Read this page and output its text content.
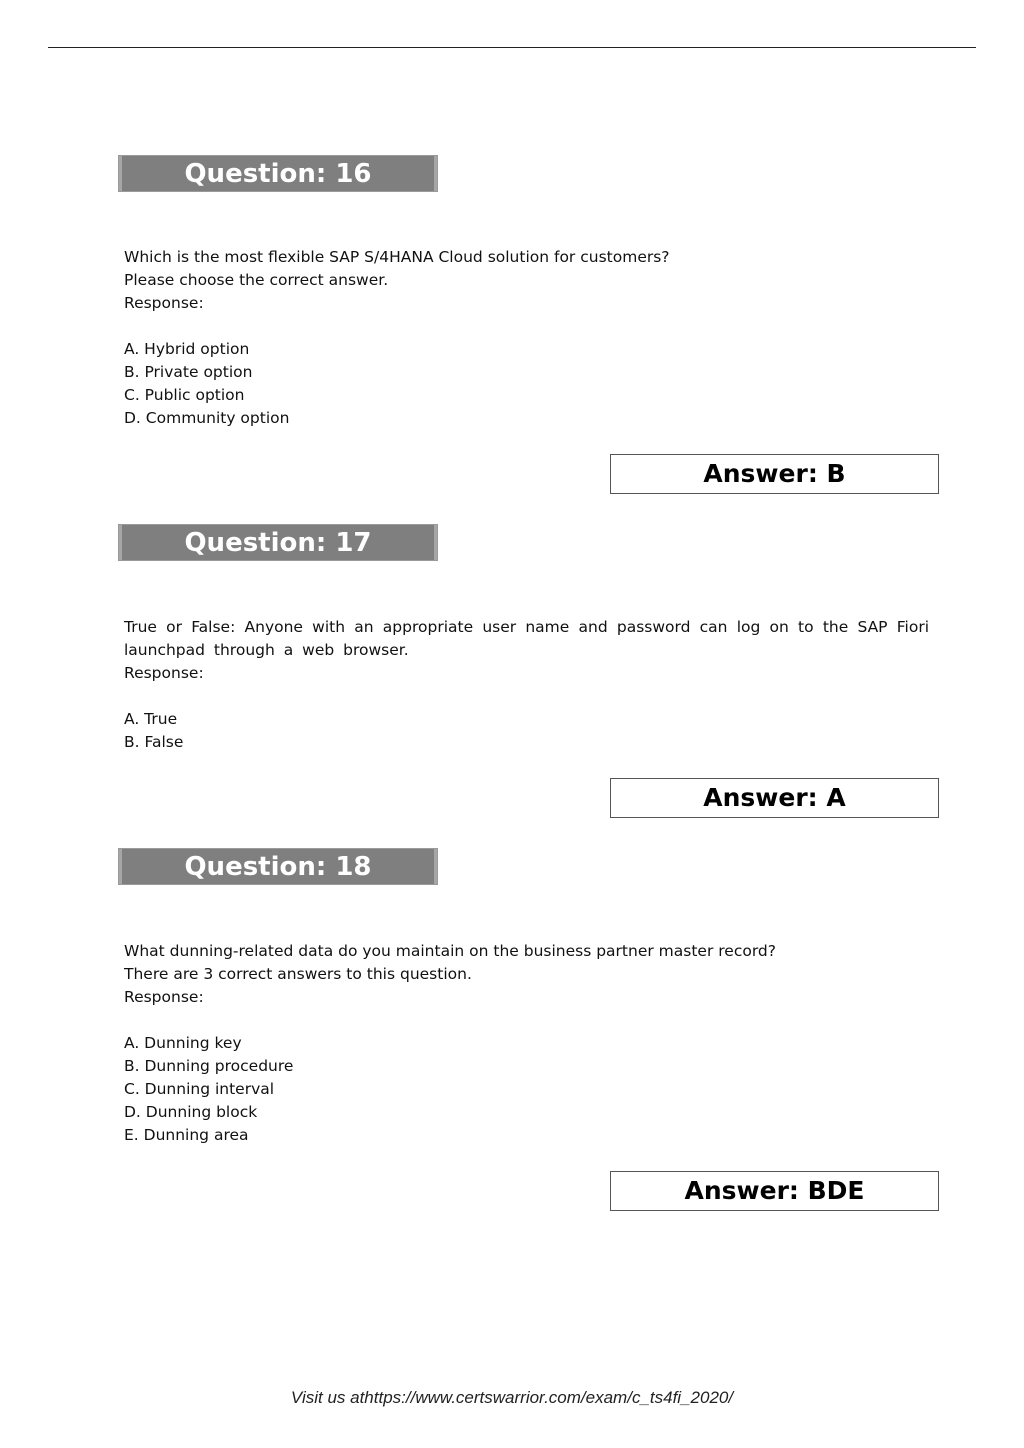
Question: 16
Which is the most flexible SAP S/4HANA Cloud solution for customers?
Please choose the correct answer.
Response:
A. Hybrid option
B. Private option
C. Public option
D. Community option
Answer: B
Question: 17
True or False: Anyone with an appropriate user name and password can log on to the SAP Fiori launchpad through a web browser.
Response:
A. True
B. False
Answer: A
Question: 18
What dunning-related data do you maintain on the business partner master record?
There are 3 correct answers to this question.
Response:
A. Dunning key
B. Dunning procedure
C. Dunning interval
D. Dunning block
E. Dunning area
Answer: BDE
Visit us athttps://www.certswarrior.com/exam/c_ts4fi_2020/
